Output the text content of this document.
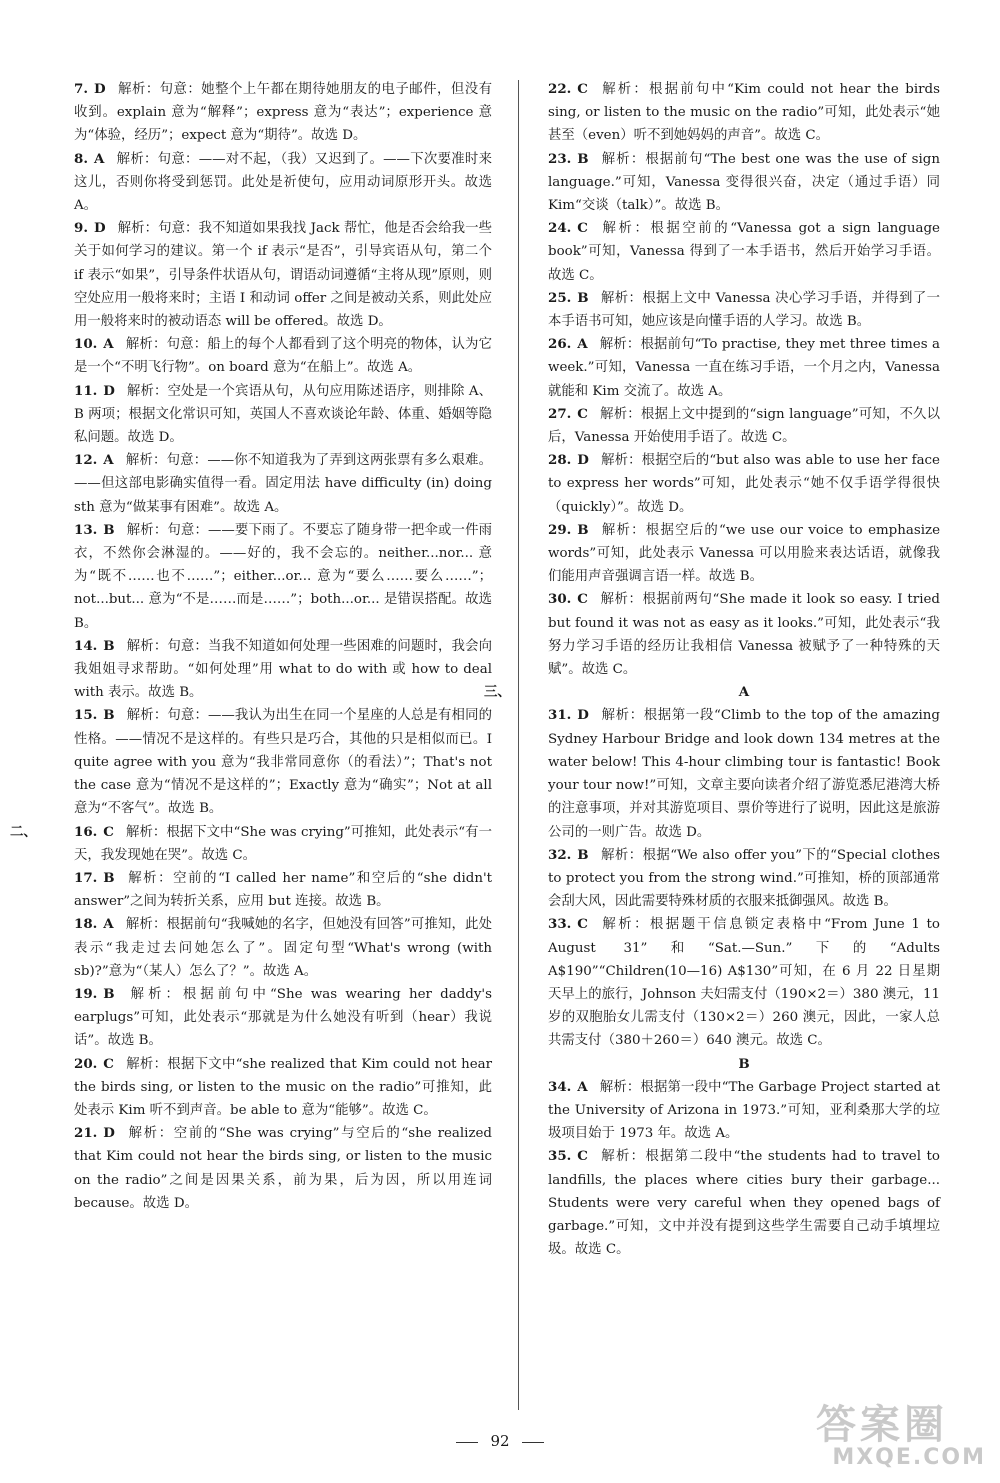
7. D 解析：句意：她整个上午都在期待她朋友的电子邮件，但没有收到。explain 意为“解释”；express 意为“表达”；experience 意为“体验，经历”；expect 意为“期待”。故选 D。

8. A 解析：句意：——对不起，（我）又迟到了。——下次要准时来这儿，否则你将受到惩罚。此处是祈使句，应用动词原形开头。故选 A。

9. D 解析：句意：我不知道如果我找 Jack 帮忙，他是否会给我一些关于如何学习的建议。第一个 if 表示“是否”，引导宾语从句，第二个 if 表示“如果”，引导条件状语从句，谓语动词遵循“主将从现”原则，则空处应用一般将来时；主语 I 和动词 offer 之间是被动关系，则此处应用一般将来时的被动语态 will be offered。故选 D。

10. A 解析：句意：船上的每个人都看到了这个明亮的物体，认为它是一个“不明飞行物”。on board 意为“在船上”。故选 A。

11. D 解析：空处是一个宾语从句，从句应用陈述语序，则排除 A、B 两项；根据文化常识可知，英国人不喜欢谈论年龄、体重、婚姻等隐私问题。故选 D。

12. A 解析：句意：——你不知道我为了弄到这两张票有多么艰难。——但这部电影确实值得一看。固定用法 have difficulty (in) doing sth 意为“做某事有困难”。故选 A。

13. B 解析：句意：——要下雨了。不要忘了随身带一把伞或一件雨衣，不然你会淋湿的。——好的，我不会忘的。neither...nor... 意为“既不……也不……”；either...or... 意为“要么……要么……”；not...but... 意为“不是……而是……”；both...or... 是错误搭配。故选 B。

14. B 解析：句意：当我不知道如何处理一些困难的问题时，我会向我姐姐寻求帮助。“如何处理”用 what to do with 或 how to deal with 表示。故选 B。

15. B 解析：句意：——我认为出生在同一个星座的人总是有相同的性格。——情况不是这样的。有些只是巧合，其他的只是相似而已。I quite agree with you 意为“我非常同意你（的看法）”；That's not the case 意为“情况不是这样的”；Exactly 意为“确实”；Not at all 意为“不客气”。故选 B。

二、	16. C 解析：根据下文中“She was crying”可推知，此处表示“有一天，我发现她在哭”。故选 C。

17. B 解析：空前的“I called her name”和空后的“she didn't answer”之间为转折关系，应用 but 连接。故选 B。

18. A 解析：根据前句“我喊她的名字，但她没有回答”可推知，此处表示“我走过去问她怎么了”。固定句型“What's wrong (with sb)?”意为“（某人）怎么了？”。故选 A。

19. B 解析：根据前句中“She was wearing her daddy's earplugs”可知，此处表示“那就是为什么她没有听到（hear）我说话”。故选 B。

20. C 解析：根据下文中“she realized that Kim could not hear the birds sing, or listen to the music on the radio”可推知，此处表示 Kim 听不到声音。be able to 意为“能够”。故选 C。

21. D 解析：空前的“She was crying”与空后的“she realized that Kim could not hear the birds sing, or listen to the music on the radio”之间是因果关系，前为果，后为因，所以用连词 because。故选 D。

22. C 解析：根据前句中“Kim could not hear the birds sing, or listen to the music on the radio”可知，此处表示“她甚至（even）听不到她妈妈的声音”。故选 C。

23. B 解析：根据前句“The best one was the use of sign language.”可知，Vanessa 变得很兴奋，决定（通过手语）同 Kim“交谈（talk）”。故选 B。

24. C 解析：根据空前的“Vanessa got a sign language book”可知，Vanessa 得到了一本手语书，然后开始学习手语。故选 C。

25. B 解析：根据上文中 Vanessa 决心学习手语，并得到了一本手语书可知，她应该是向懂手语的人学习。故选 B。

26. A 解析：根据前句“To practise, they met three times a week.”可知，Vanessa 一直在练习手语，一个月之内，Vanessa 就能和 Kim 交流了。故选 A。

27. C 解析：根据上文中提到的“sign language”可知，不久以后，Vanessa 开始使用手语了。故选 C。

28. D 解析：根据空后的“but also was able to use her face to express her words”可知，此处表示“她不仅手语学得很快（quickly）”。故选 D。

29. B 解析：根据空后的“we use our voice to emphasize words”可知，此处表示 Vanessa 可以用脸来表达话语，就像我们能用声音强调言语一样。故选 B。

30. C 解析：根据前两句“She made it look so easy. I tried but found it was not as easy as it looks.”可知，此处表示“我努力学习手语的经历让我相信 Vanessa 被赋予了一种特殊的天赋”。故选 C。

三、	A

31. D 解析：根据第一段“Climb to the top of the amazing Sydney Harbour Bridge and look down 134 metres at the water below! This 4-hour climbing tour is fantastic! Book your tour now!”可知，文章主要向读者介绍了游览悉尼港湾大桥的注意事项，并对其游览项目、票价等进行了说明，因此这是旅游公司的一则广告。故选 D。

32. B 解析：根据“We also offer you”下的“Special clothes to protect you from the strong wind.”可推知，桥的顶部通常会刮大风，因此需要特殊材质的衣服来抵御强风。故选 B。

33. C 解析：根据题干信息锁定表格中“From June 1 to August 31”和“Sat.—Sun.”下的“Adults A$190”“Children(10—16) A$130”可知，在 6 月 22 日星期天早上的旅行，Johnson 夫妇需支付（190×2＝）380 澳元，11 岁的双胞胎女儿需支付（130×2＝）260 澳元，因此，一家人总共需支付（380＋260＝）640 澳元。故选 C。

B

34. A 解析：根据第一段中“The Garbage Project started at the University of Arizona in 1973.”可知，亚利桑那大学的垃圾项目始于 1973 年。故选 A。

35. C 解析：根据第二段中“the students had to travel to landfills, the places where cities bury their garbage... Students were very careful when they opened bags of garbage.”可知，文中并没有提到这些学生需要自己动手填埋垃圾。故选 C。

92	答案圈
MXQE.COM
